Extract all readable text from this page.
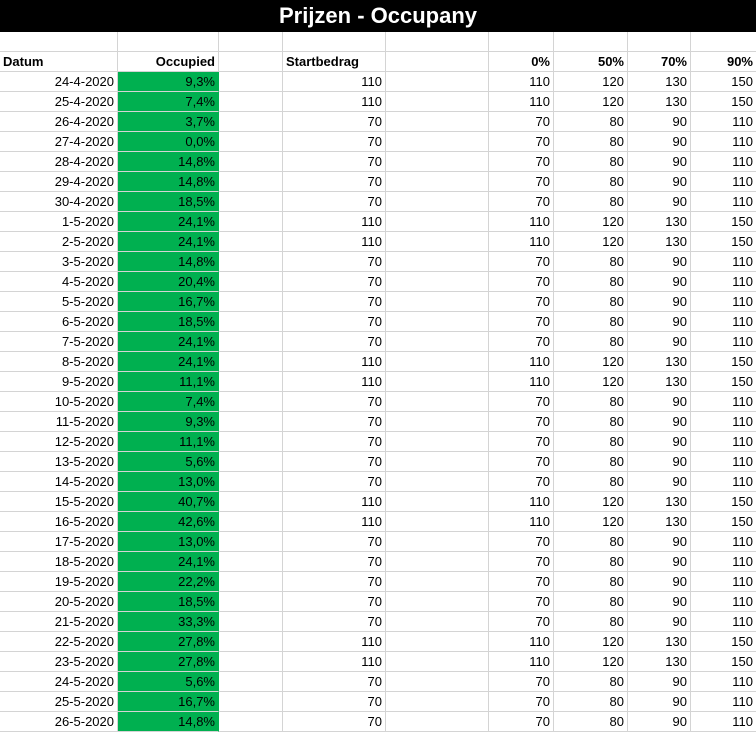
Prijzen - Occupany
Datum	Occupied	Startbedrag	0%	50%	70%	90%
24-4-2020	9,3%	110	110	120	130	150
25-4-2020	7,4%	110	110	120	130	150
26-4-2020	3,7%	70	70	80	90	110
27-4-2020	0,0%	70	70	80	90	110
28-4-2020	14,8%	70	70	80	90	110
29-4-2020	14,8%	70	70	80	90	110
30-4-2020	18,5%	70	70	80	90	110
1-5-2020	24,1%	110	110	120	130	150
2-5-2020	24,1%	110	110	120	130	150
3-5-2020	14,8%	70	70	80	90	110
4-5-2020	20,4%	70	70	80	90	110
5-5-2020	16,7%	70	70	80	90	110
6-5-2020	18,5%	70	70	80	90	110
7-5-2020	24,1%	70	70	80	90	110
8-5-2020	24,1%	110	110	120	130	150
9-5-2020	11,1%	110	110	120	130	150
10-5-2020	7,4%	70	70	80	90	110
11-5-2020	9,3%	70	70	80	90	110
12-5-2020	11,1%	70	70	80	90	110
13-5-2020	5,6%	70	70	80	90	110
14-5-2020	13,0%	70	70	80	90	110
15-5-2020	40,7%	110	110	120	130	150
16-5-2020	42,6%	110	110	120	130	150
17-5-2020	13,0%	70	70	80	90	110
18-5-2020	24,1%	70	70	80	90	110
19-5-2020	22,2%	70	70	80	90	110
20-5-2020	18,5%	70	70	80	90	110
21-5-2020	33,3%	70	70	80	90	110
22-5-2020	27,8%	110	110	120	130	150
23-5-2020	27,8%	110	110	120	130	150
24-5-2020	5,6%	70	70	80	90	110
25-5-2020	16,7%	70	70	80	90	110
26-5-2020	14,8%	70	70	80	90	110
